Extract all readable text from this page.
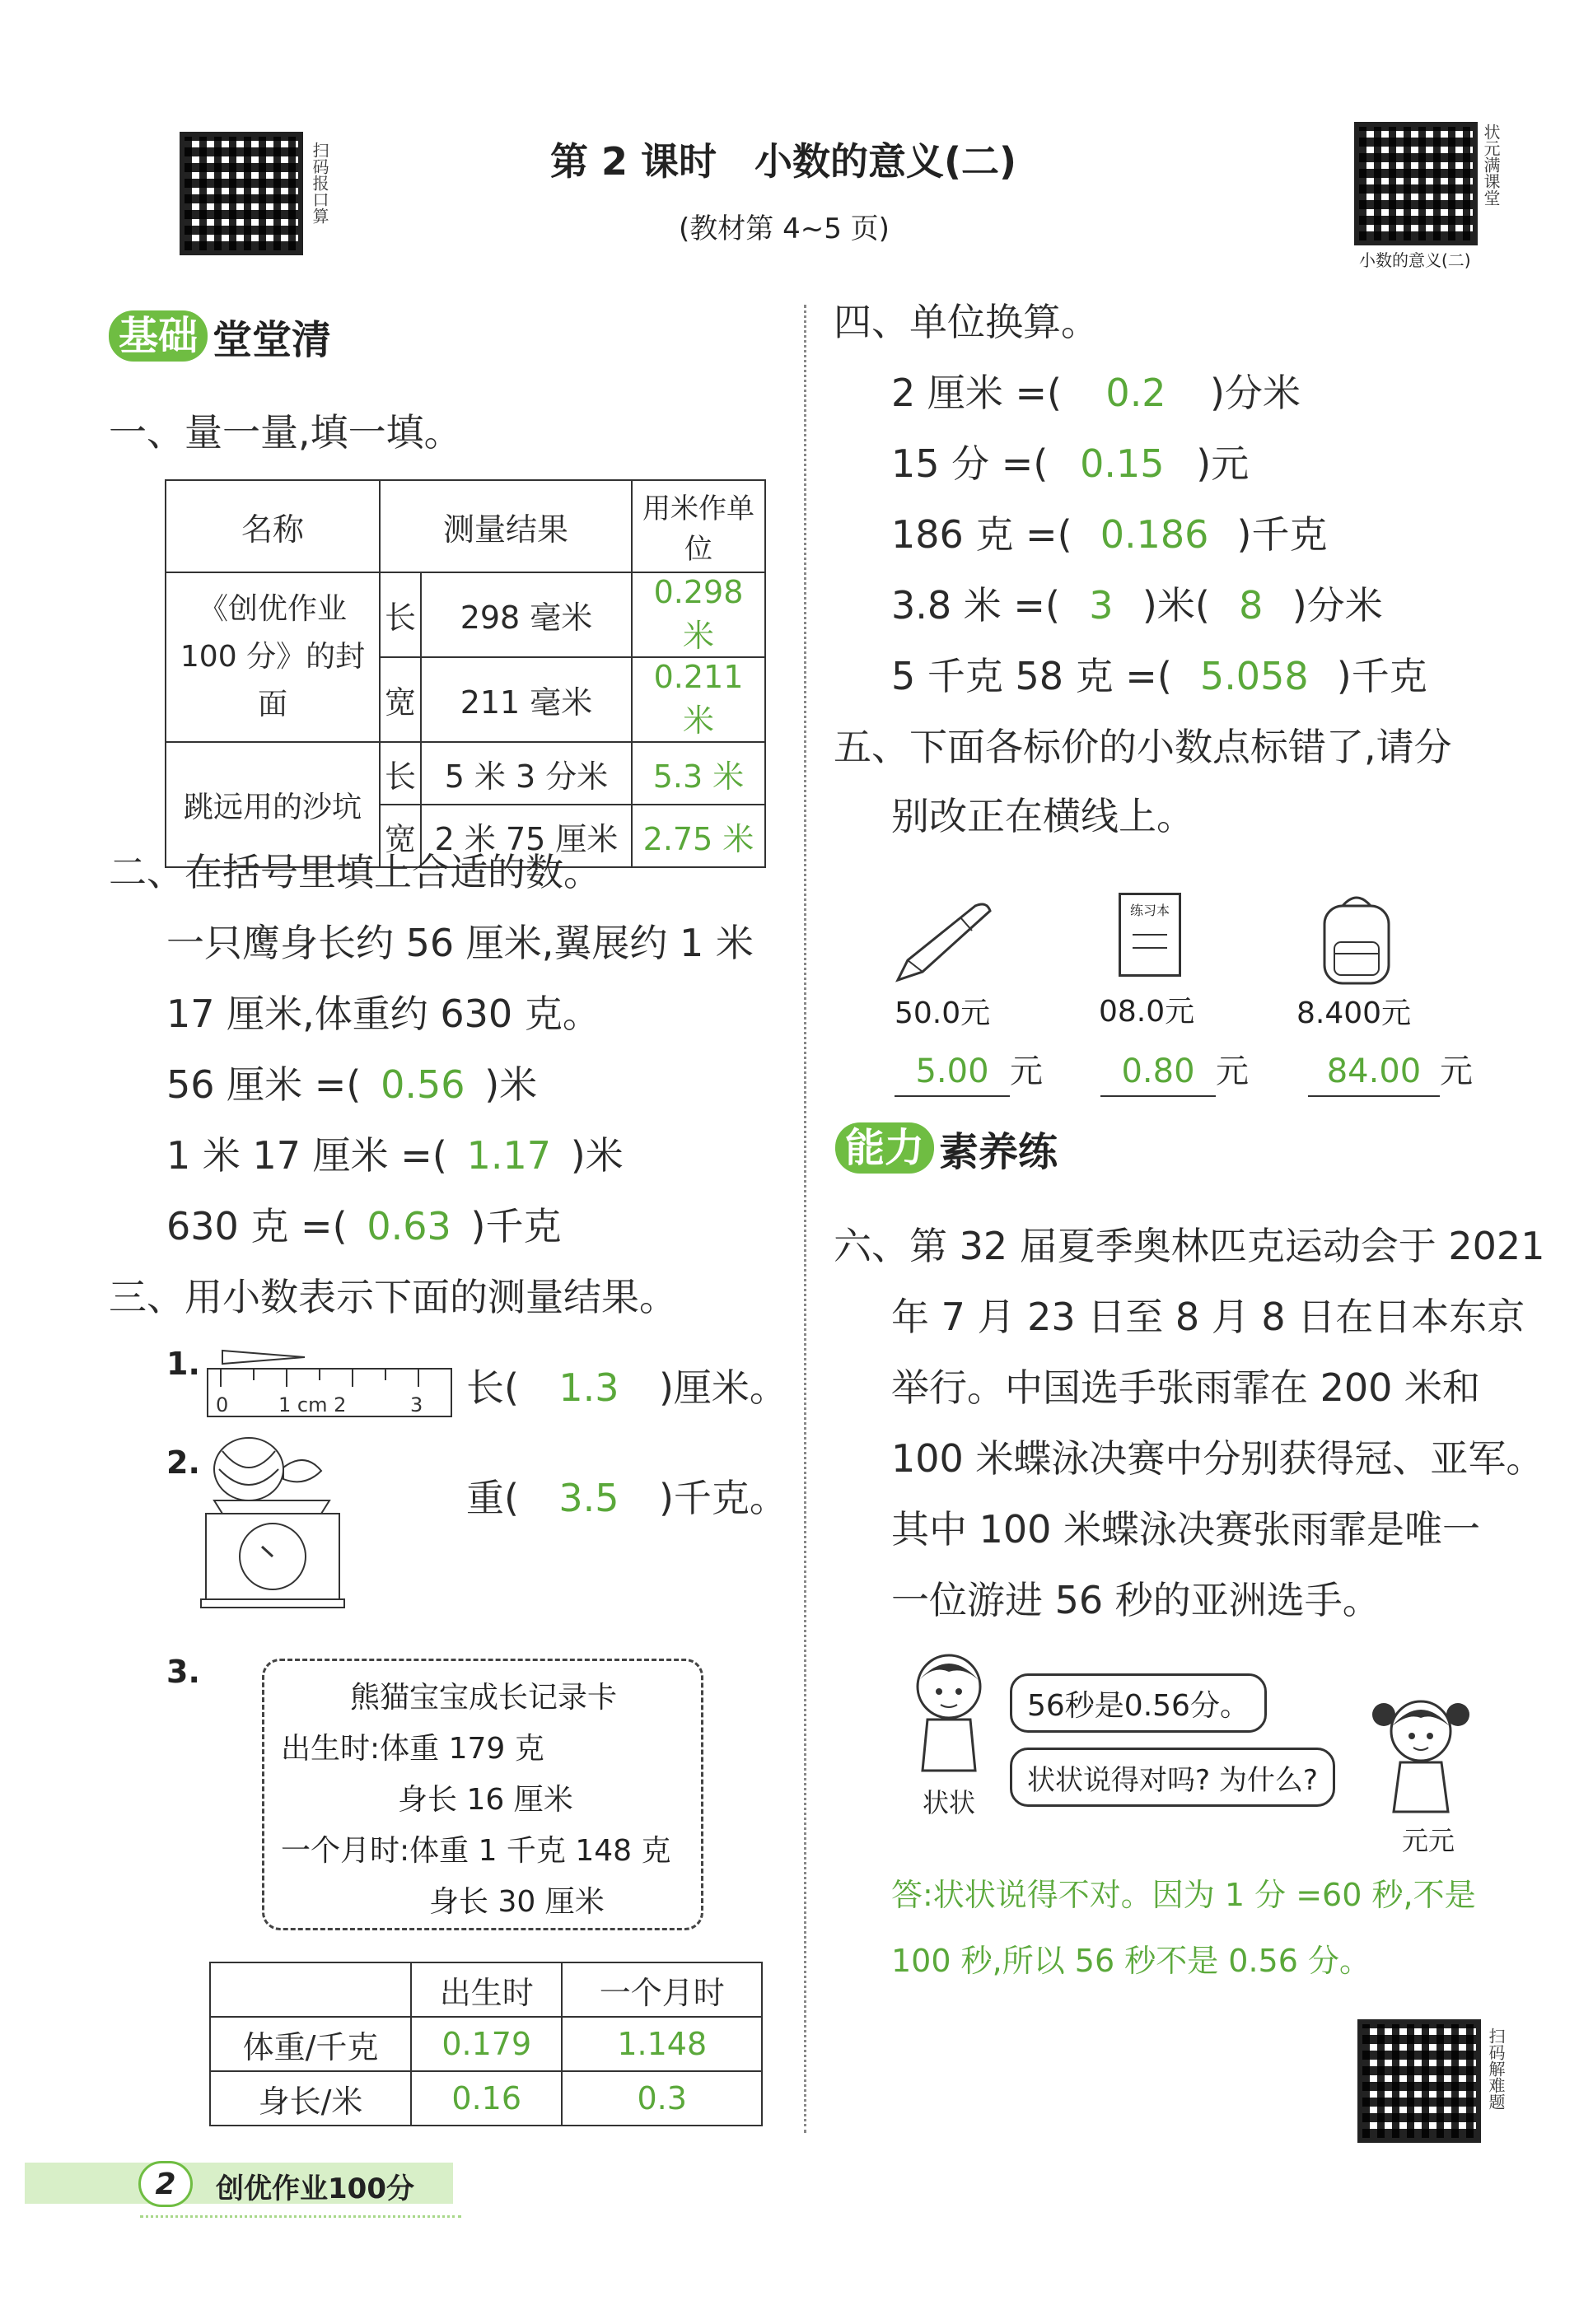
扫码报口算	第 2 课时　小数的意义(二)
(教材第 4~5 页)
状元满课堂
小数的意义(二)
基础 堂堂清
一、量一量,填一填。
名称	测量结果		用米作单位
《创优作业 100 分》的封面	长	298 毫米	0.298 米
	宽	211 毫米	0.211 米
跳远用的沙坑	长	5 米 3 分米	5.3 米
	宽	2 米 75 厘米	2.75 米
二、在括号里填上合适的数。
一只鹰身长约 56 厘米,翼展约 1 米
17 厘米,体重约 630 克。
56 厘米 =( 0.56 )米
1 米 17 厘米 =( 1.17 )米
630 克 =( 0.63 )千克
三、用小数表示下面的测量结果。
1.
0	1 cm 2	3 长( 1.3 )厘米。
2.
重( 3.5 )千克。
3.
熊猫宝宝成长记录卡
出生时:体重 179 克
身长 16 厘米
一个月时:体重 1 千克 148 克
身长 30 厘米
	出生时	一个月时
体重/千克	0.179	1.148
身长/米	0.16	0.3
四、单位换算。
2 厘米 =( 0.2 )分米
15 分 =( 0.15 )元
186 克 =( 0.186 )千克
3.8 米 =( 3 )米( 8 )分米
5 千克 58 克 =( 5.058 )千克
五、下面各标价的小数点标错了,请分
别改正在横线上。
练习本
50.0元	08.0元	8.400元
5.00 元	0.80 元	84.00 元
能力 素养练
六、第 32 届夏季奥林匹克运动会于 2021
年 7 月 23 日至 8 月 8 日在日本东京
举行。中国选手张雨霏在 200 米和
100 米蝶泳决赛中分别获得冠、亚军。
其中 100 米蝶泳决赛张雨霏是唯一
一位游进 56 秒的亚洲选手。
状状
56秒是0.56分。
状状说得对吗? 为什么?
元元
答:状状说得不对。因为 1 分 =60 秒,不是
100 秒,所以 56 秒不是 0.56 分。
扫码解难题
2 创优作业100分
